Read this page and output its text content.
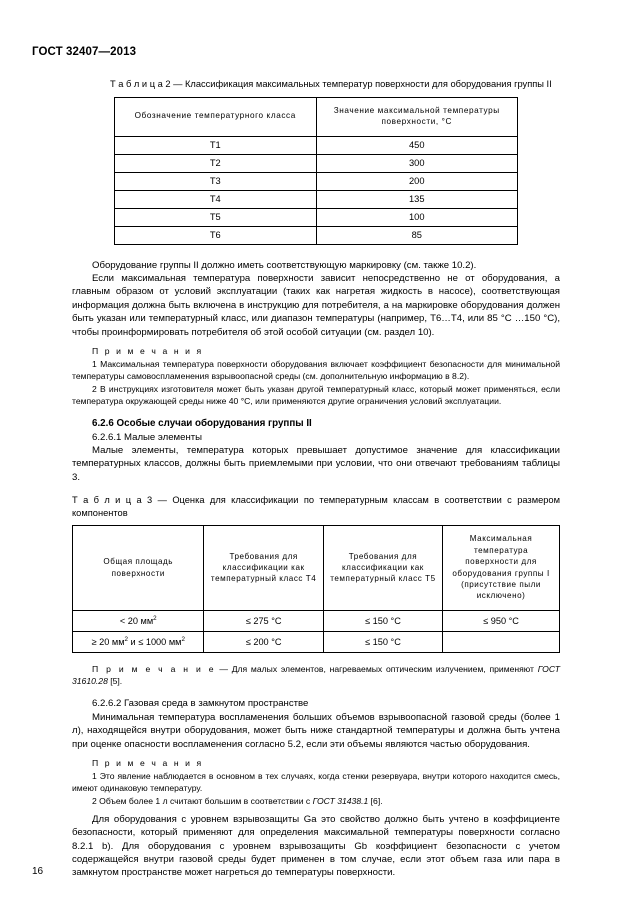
ГОСТ 32407—2013
Т а б л и ц а 2 — Классификация максимальных температур поверхности для оборудования группы II
Обозначение температурного класса	Значение максимальной температуры поверхности, °С
Т1	450
Т2	300
Т3	200
Т4	135
Т5	100
Т6	85

Оборудование группы II должно иметь соответствующую маркировку (см. также 10.2).

Если максимальная температура поверхности зависит непосредственно не от оборудования, а главным образом от условий эксплуатации (таких как нагретая жидкость в насосе), соответствующая информация должна быть включена в инструкцию для потребителя, а на маркировке оборудования должен быть указан или температурный класс, или диапазон температуры (например, Т6…Т4, или 85 °С …150 °С), чтобы проинформировать потребителя об этой особой ситуации (см. раздел 10).

П р и м е ч а н и я
1 Максимальная температура поверхности оборудования включает коэффициент безопасности для минимальной температуры самовоспламенения взрывоопасной среды (см. дополнительную информацию в 8.2).
2 В инструкциях изготовителя может быть указан другой температурный класс, который может применяться, если температура окружающей среды ниже 40 °С, или применяются другие ограничения условий эксплуатации.
6.2.6 Особые случаи оборудования группы II

6.2.6.1 Малые элементы

Малые элементы, температура которых превышает допустимое значение для классификации температурных классов, должны быть приемлемыми при условии, что они отвечают требованиям таблицы 3.

Т а б л и ц а 3 — Оценка для классификации по температурным классам в соответствии с размером компонентов
Общая площадь поверхности	Требования для классификации как температурный класс Т4	Требования для классификации как температурный класс Т5	Максимальная температура поверхности для оборудования группы I (присутствие пыли исключено)
< 20 $мм^2$	≤ 275 °С	≤ 150 °С	≤ 950 °С
≥ 20 $мм^2$ и ≤ 1000 $мм^2$	≤ 200 °С	≤ 150 °С	

П р и м е ч а н и е — Для малых элементов, нагреваемых оптическим излучением, применяют ГОСТ 31610.28 [5].

6.2.6.2 Газовая среда в замкнутом пространстве

Минимальная температура воспламенения больших объемов взрывоопасной газовой среды (более 1 л), находящейся внутри оборудования, может быть ниже стандартной температуры и должна быть учтена при оценке опасности воспламенения согласно 5.2, если эти объемы являются частью оборудования.

П р и м е ч а н и я
1 Это явление наблюдается в основном в тех случаях, когда стенки резервуара, внутри которого находится смесь, имеют одинаковую температуру.
2 Объем более 1 л считают большим в соответствии с ГОСТ 31438.1 [6].

Для оборудования с уровнем взрывозащиты Ga это свойство должно быть учтено в коэффициенте безопасности, который применяют для определения максимальной температуры поверхности согласно 8.2.1 b). Для оборудования с уровнем взрывозащиты Gb коэффициент безопасности с учетом содержащейся внутри газовой среды будет применен в том случае, если этот объем газа или пара в замкнутом пространстве может нагреться до температуры поверхности.

16
